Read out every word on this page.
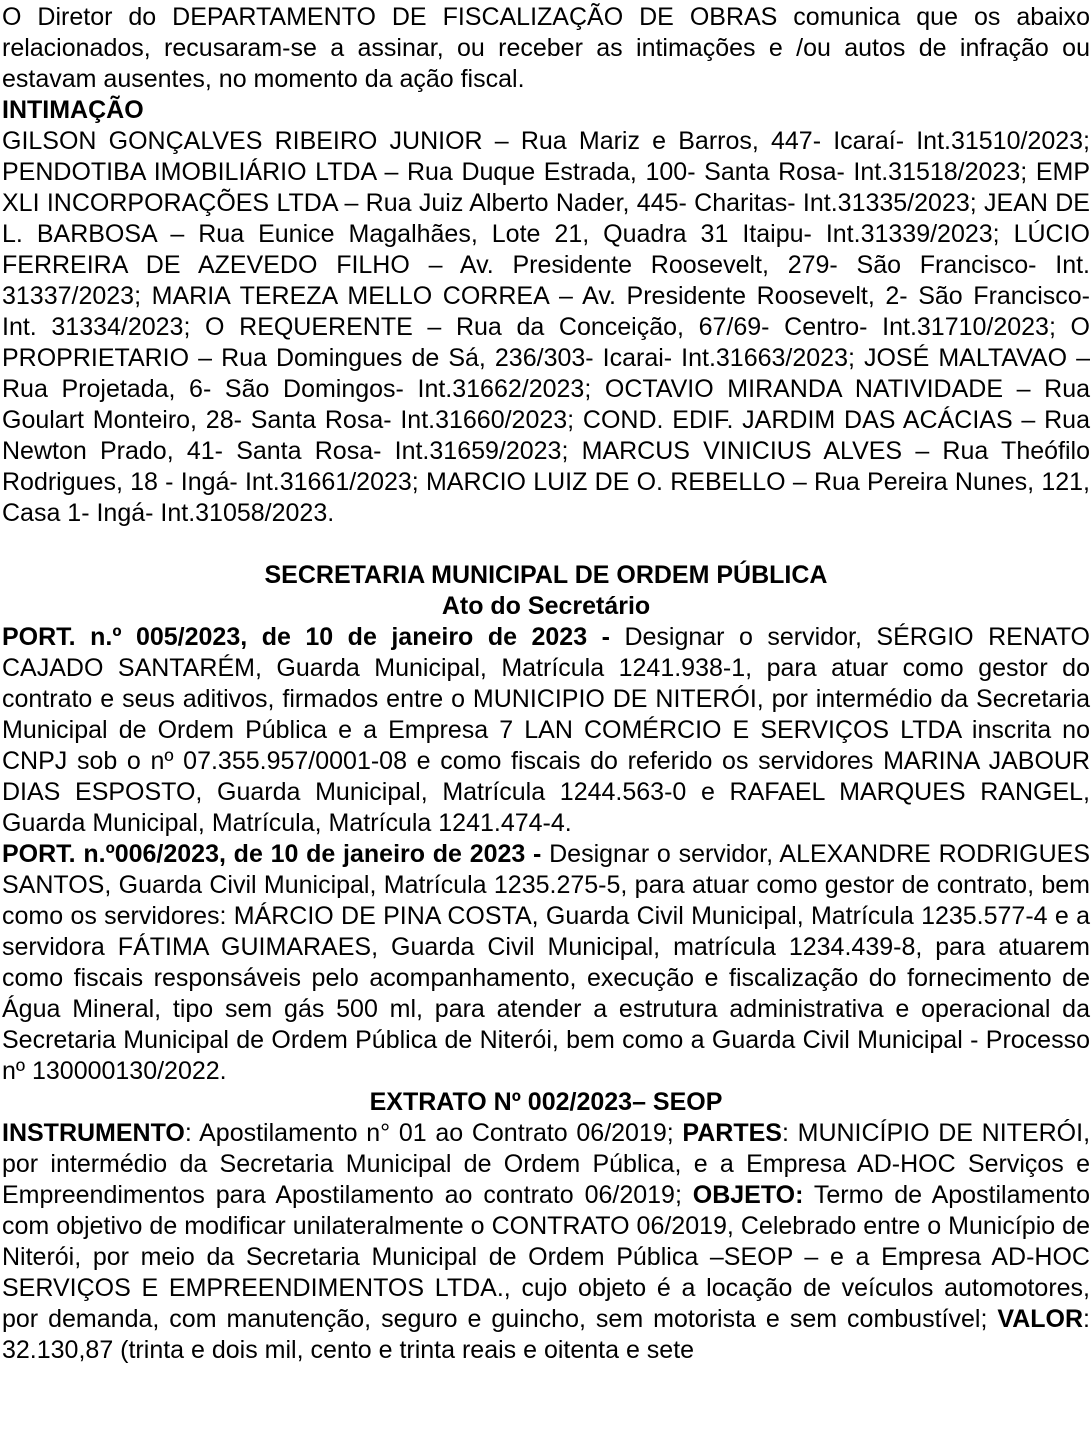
O Diretor do DEPARTAMENTO DE FISCALIZAÇÃO DE OBRAS comunica que os abaixo relacionados, recusaram-se a assinar, ou receber as intimações e /ou autos de infração ou estavam ausentes, no momento da ação fiscal.

INTIMAÇÃO

GILSON GONÇALVES RIBEIRO JUNIOR – Rua Mariz e Barros, 447- Icaraí- Int.31510/2023; PENDOTIBA IMOBILIÁRIO LTDA – Rua Duque Estrada, 100- Santa Rosa- Int.31518/2023; EMP XLI INCORPORAÇÕES LTDA – Rua Juiz Alberto Nader, 445- Charitas- Int.31335/2023; JEAN DE L. BARBOSA – Rua Eunice Magalhães, Lote 21, Quadra 31 Itaipu- Int.31339/2023; LÚCIO FERREIRA DE AZEVEDO FILHO – Av. Presidente Roosevelt, 279- São Francisco- Int. 31337/2023; MARIA TEREZA MELLO CORREA – Av. Presidente Roosevelt, 2- São Francisco- Int. 31334/2023; O REQUERENTE – Rua da Conceição, 67/69- Centro- Int.31710/2023; O PROPRIETARIO – Rua Domingues de Sá, 236/303- Icarai- Int.31663/2023; JOSÉ MALTAVAO – Rua Projetada, 6- São Domingos- Int.31662/2023; OCTAVIO MIRANDA NATIVIDADE – Rua Goulart Monteiro, 28- Santa Rosa- Int.31660/2023; COND. EDIF. JARDIM DAS ACÁCIAS – Rua Newton Prado, 41- Santa Rosa- Int.31659/2023; MARCUS VINICIUS ALVES – Rua Theófilo Rodrigues, 18 - Ingá- Int.31661/2023; MARCIO LUIZ DE O. REBELLO – Rua Pereira Nunes, 121, Casa 1- Ingá- Int.31058/2023.

SECRETARIA MUNICIPAL DE ORDEM PÚBLICA

Ato do Secretário

PORT. n.º 005/2023, de 10 de janeiro de 2023 - Designar o servidor, SÉRGIO RENATO CAJADO SANTARÉM, Guarda Municipal, Matrícula 1241.938-1, para atuar como gestor do contrato e seus aditivos, firmados entre o MUNICIPIO DE NITERÓI, por intermédio da Secretaria Municipal de Ordem Pública e a Empresa 7 LAN COMÉRCIO E SERVIÇOS LTDA inscrita no CNPJ sob o nº 07.355.957/0001-08 e como fiscais do referido os servidores MARINA JABOUR DIAS ESPOSTO, Guarda Municipal, Matrícula 1244.563-0 e RAFAEL MARQUES RANGEL, Guarda Municipal, Matrícula, Matrícula 1241.474-4.

PORT. n.º006/2023, de 10 de janeiro de 2023 - Designar o servidor, ALEXANDRE RODRIGUES SANTOS, Guarda Civil Municipal, Matrícula 1235.275-5, para atuar como gestor de contrato, bem como os servidores: MÁRCIO DE PINA COSTA, Guarda Civil Municipal, Matrícula 1235.577-4 e a servidora FÁTIMA GUIMARAES, Guarda Civil Municipal, matrícula 1234.439-8, para atuarem como fiscais responsáveis pelo acompanhamento, execução e fiscalização do fornecimento de Água Mineral, tipo sem gás 500 ml, para atender a estrutura administrativa e operacional da Secretaria Municipal de Ordem Pública de Niterói, bem como a Guarda Civil Municipal - Processo nº 130000130/2022.

EXTRATO Nº 002/2023– SEOP

INSTRUMENTO: Apostilamento n° 01 ao Contrato 06/2019; PARTES: MUNICÍPIO DE NITERÓI, por intermédio da Secretaria Municipal de Ordem Pública, e a Empresa AD-HOC Serviços e Empreendimentos para Apostilamento ao contrato 06/2019; OBJETO: Termo de Apostilamento com objetivo de modificar unilateralmente o CONTRATO 06/2019, Celebrado entre o Município de Niterói, por meio da Secretaria Municipal de Ordem Pública –SEOP – e a Empresa AD-HOC SERVIÇOS E EMPREENDIMENTOS LTDA., cujo objeto é a locação de veículos automotores, por demanda, com manutenção, seguro e guincho, sem motorista e sem combustível; VALOR: 32.130,87 (trinta e dois mil, cento e trinta reais e oitenta e sete
